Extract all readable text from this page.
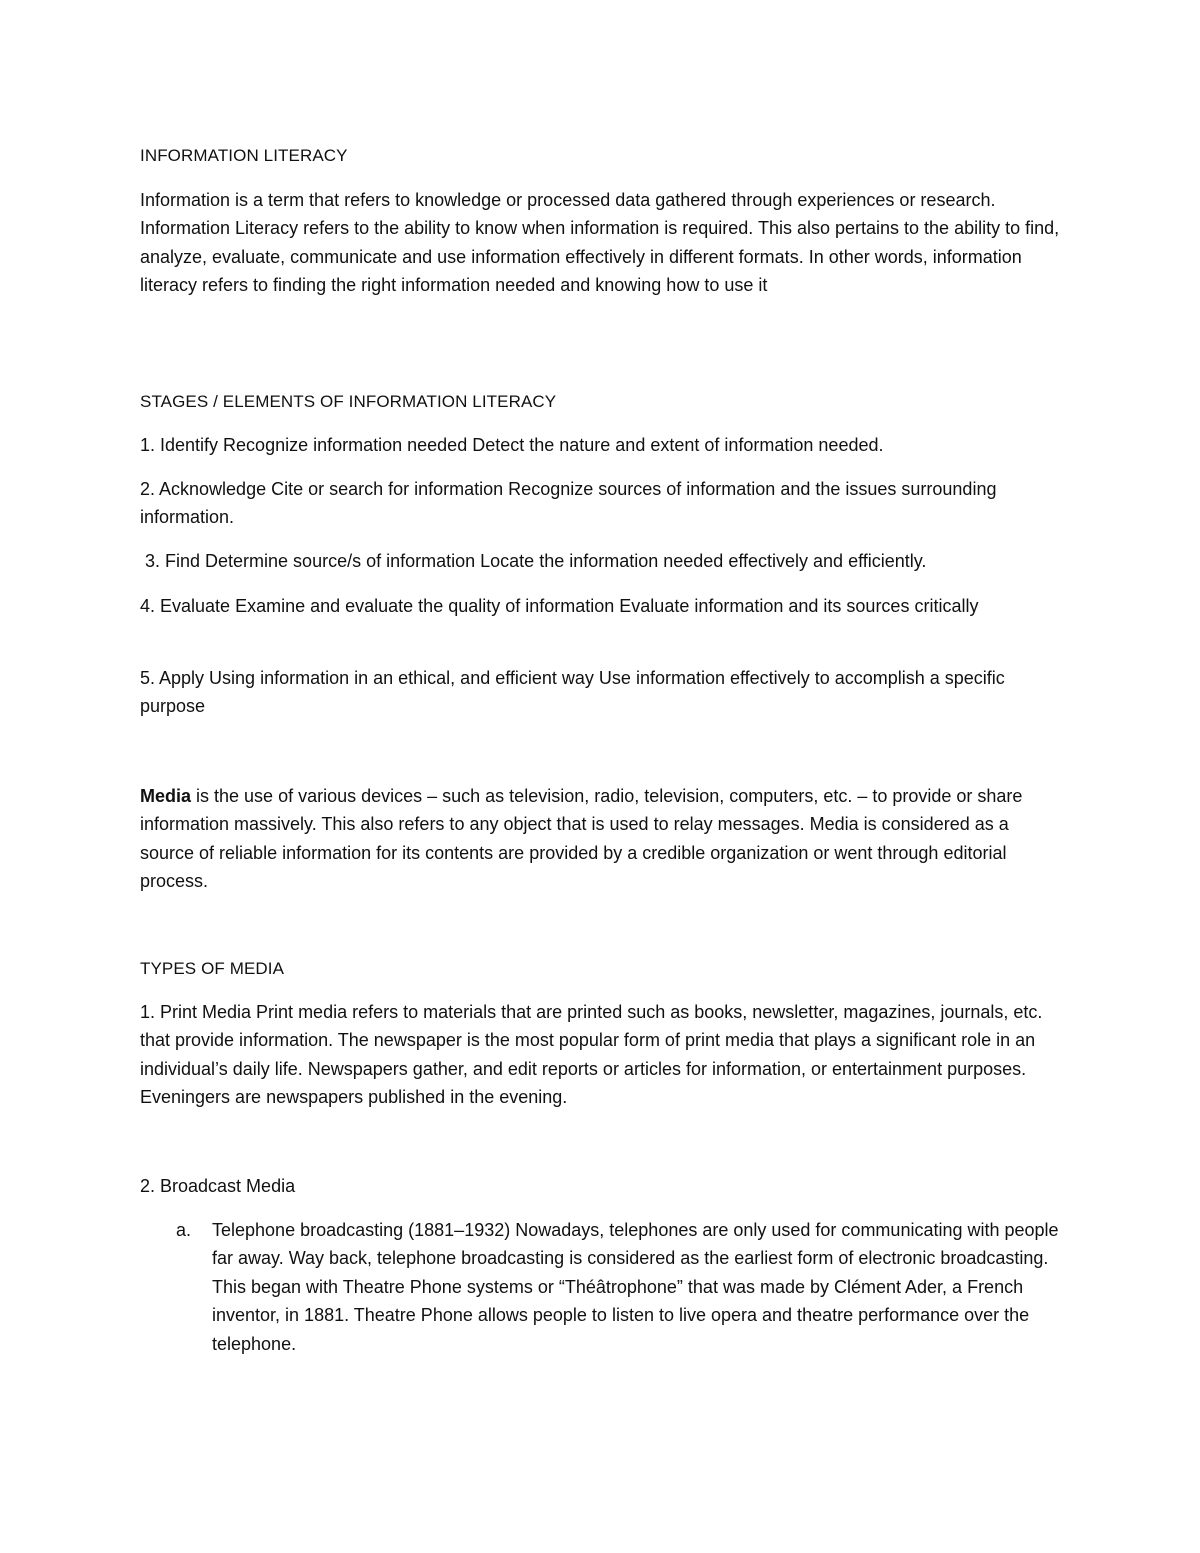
INFORMATION LITERACY

Information is a term that refers to knowledge or processed data gathered through experiences or research. Information Literacy refers to the ability to know when information is required. This also pertains to the ability to find, analyze, evaluate, communicate and use information effectively in different formats. In other words, information literacy refers to finding the right information needed and knowing how to use it

STAGES / ELEMENTS OF INFORMATION LITERACY

1. Identify Recognize information needed Detect the nature and extent of information needed.

2. Acknowledge Cite or search for information Recognize sources of information and the issues surrounding information.

3. Find Determine source/s of information Locate the information needed effectively and efficiently.

4. Evaluate Examine and evaluate the quality of information Evaluate information and its sources critically

5. Apply Using information in an ethical, and efficient way Use information effectively to accomplish a specific purpose

Media is the use of various devices – such as television, radio, television, computers, etc. – to provide or share information massively. This also refers to any object that is used to relay messages. Media is considered as a source of reliable information for its contents are provided by a credible organization or went through editorial process.

TYPES OF MEDIA

1. Print Media Print media refers to materials that are printed such as books, newsletter, magazines, journals, etc. that provide information. The newspaper is the most popular form of print media that plays a significant role in an individual’s daily life. Newspapers gather, and edit reports or articles for information, or entertainment purposes. Eveningers are newspapers published in the evening.

2. Broadcast Media

a.	Telephone broadcasting (1881–1932) Nowadays, telephones are only used for communicating with people far away. Way back, telephone broadcasting is considered as the earliest form of electronic broadcasting. This began with Theatre Phone systems or “Théâtrophone” that was made by Clément Ader, a French inventor, in 1881. Theatre Phone allows people to listen to live opera and theatre performance over the telephone.
